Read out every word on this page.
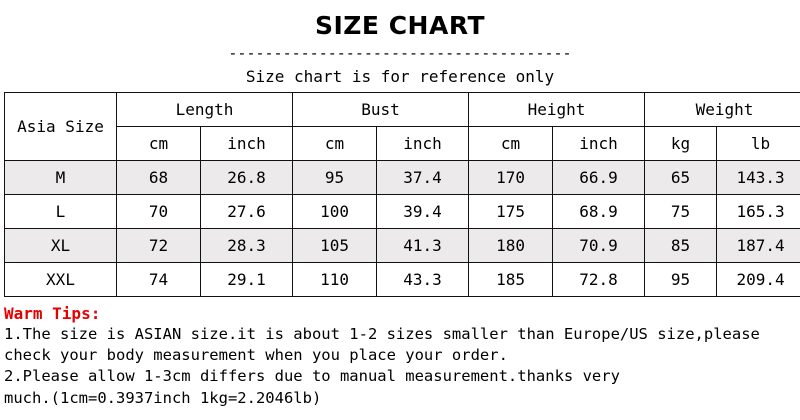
SIZE CHART
--------------------------------------
Size chart is for reference only
Asia Size	Length		Bust		Height		Weight	
	cm	inch	cm	inch	cm	inch	kg	lb
M	68	26.8	95	37.4	170	66.9	65	143.3
L	70	27.6	100	39.4	175	68.9	75	165.3
XL	72	28.3	105	41.3	180	70.9	85	187.4
XXL	74	29.1	110	43.3	185	72.8	95	209.4
Warm Tips:
1.The size is ASIAN size.it is about 1-2 sizes smaller than Europe/US size,please
check your body measurement when you place your order.
2.Please allow 1-3cm differs due to manual measurement.thanks very
much.(1cm=0.3937inch 1kg=2.2046lb)
